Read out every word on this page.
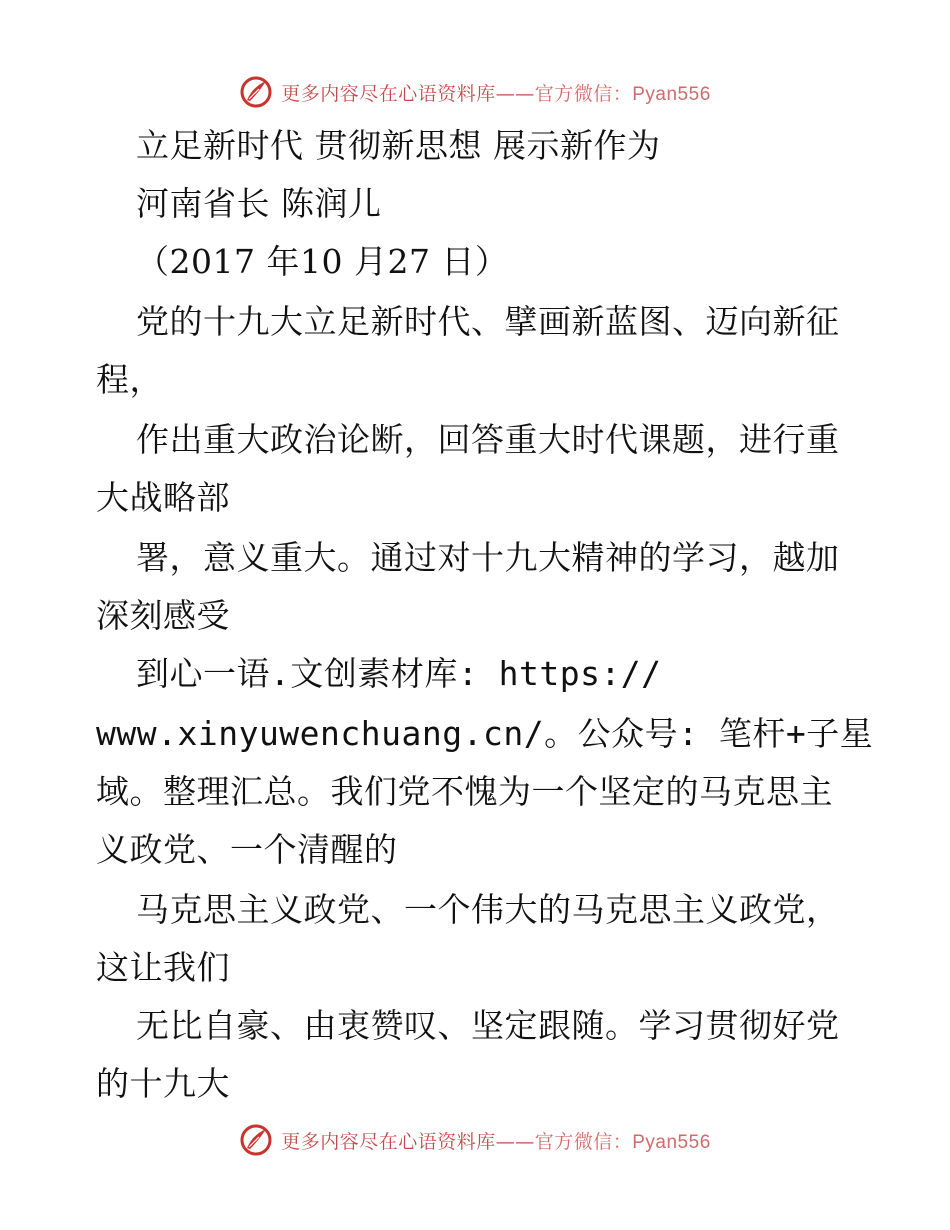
更多内容尽在心语资料库——官方微信：Pyan556
立足新时代 贯彻新思想 展示新作为
河南省长 陈润儿
（2017 年10 月27 日）
党的十九大立足新时代、擘画新蓝图、迈向新征
程，
作出重大政治论断，回答重大时代课题，进行重
大战略部
署，意义重大。通过对十九大精神的学习，越加
深刻感受
到心一语.文创素材库: https://
www.xinyuwenchuang.cn/。公众号: 笔杆+子星
域。整理汇总。我们党不愧为一个坚定的马克思主
义政党、一个清醒的
马克思主义政党、一个伟大的马克思主义政党，
这让我们
无比自豪、由衷赞叹、坚定跟随。学习贯彻好党
的十九大
更多内容尽在心语资料库——官方微信：Pyan556
